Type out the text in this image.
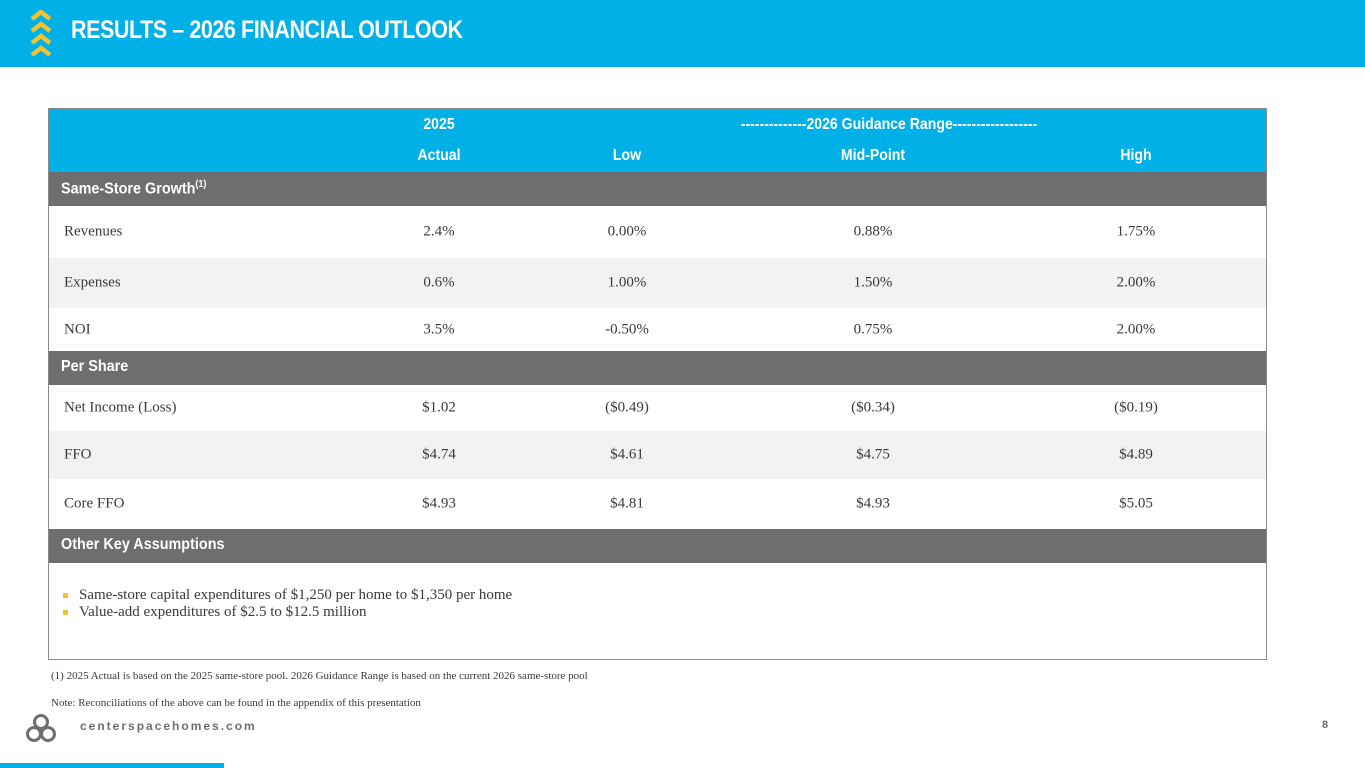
RESULTS – 2026 FINANCIAL OUTLOOK
2025	--------------2026 Guidance Range------------------
Actual	Low	Mid-Point	High
Same-Store Growth$^{(1)}$
Revenues	2.4%	0.00%	0.88%	1.75%
Expenses	0.6%	1.00%	1.50%	2.00%
NOI	3.5%	-0.50%	0.75%	2.00%
Per Share
Net Income (Loss)	$1.02	($0.49)	($0.34)	($0.19)
FFO	$4.74	$4.61	$4.75	$4.89
Core FFO	$4.93	$4.81	$4.93	$5.05
Other Key Assumptions
Same-store capital expenditures of $1,250 per home to $1,350 per home
Value-add expenditures of $2.5 to $12.5 million
(1) 2025 Actual is based on the 2025 same-store pool. 2026 Guidance Range is based on the current 2026 same-store pool
Note: Reconciliations of the above can be found in the appendix of this presentation
centerspacehomes.com	8
